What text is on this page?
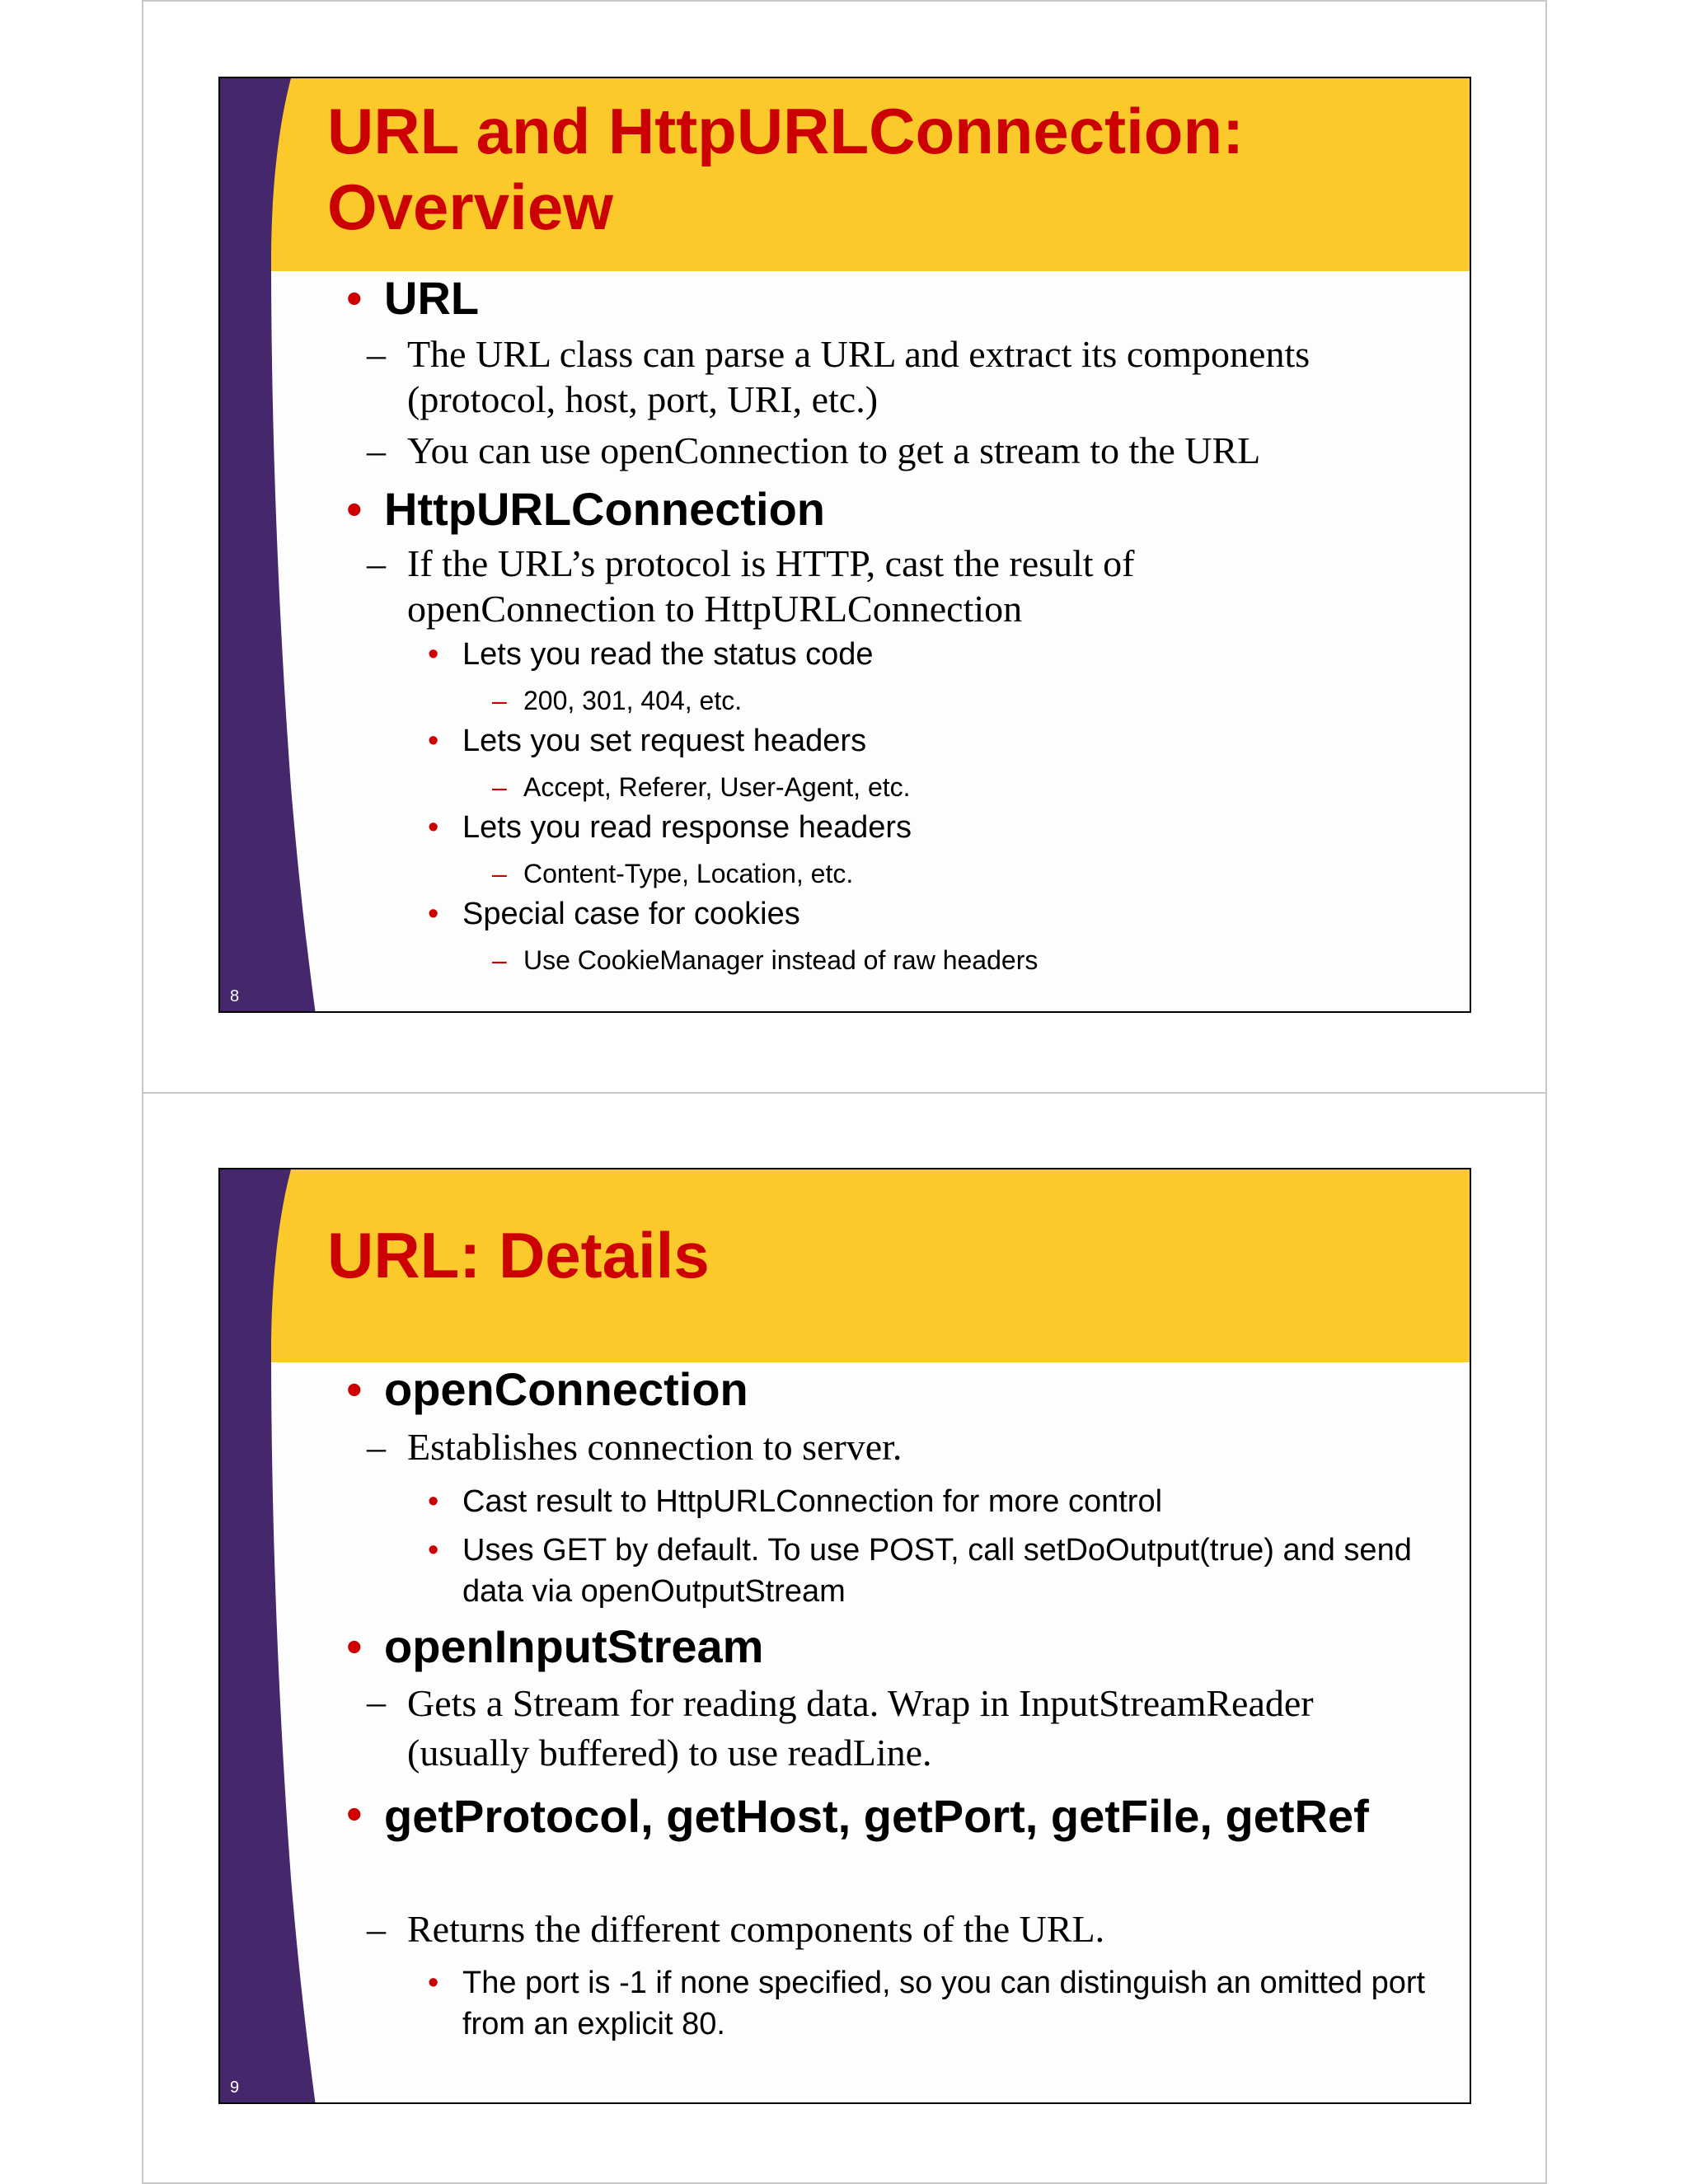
URL and HttpURLConnection:
Overview
• URL
– The URL class can parse a URL and extract its components (protocol, host, port, URI, etc.)
– You can use openConnection to get a stream to the URL
• HttpURLConnection
– If the URL’s protocol is HTTP, cast the result of openConnection to HttpURLConnection
• Lets you read the status code
– 200, 301, 404, etc.
• Lets you set request headers
– Accept, Referer, User-Agent, etc.
• Lets you read response headers
– Content-Type, Location, etc.
• Special case for cookies
– Use CookieManager instead of raw headers
8
URL: Details
• openConnection
– Establishes connection to server.
• Cast result to HttpURLConnection for more control
• Uses GET by default. To use POST, call setDoOutput(true) and send data via openOutputStream
• openInputStream
– Gets a Stream for reading data. Wrap in InputStreamReader (usually buffered) to use readLine.
• getProtocol, getHost, getPort, getFile, getRef
– Returns the different components of the URL.
• The port is -1 if none specified, so you can distinguish an omitted port from an explicit 80.
9
